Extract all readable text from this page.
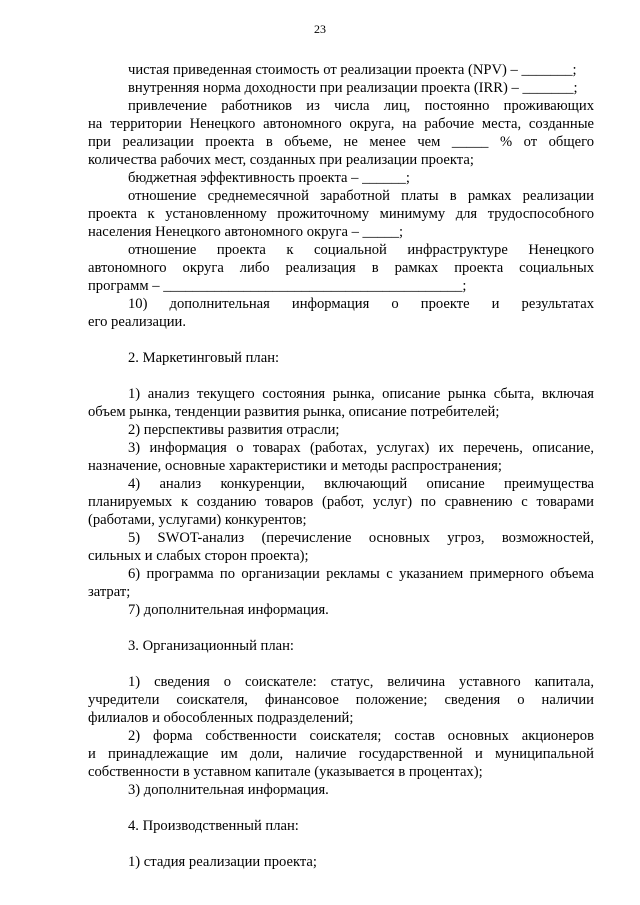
23
чистая приведенная стоимость от реализации проекта (NPV) – _______;
внутренняя норма доходности при реализации проекта (IRR) – _______;
привлечение работников из числа лиц, постоянно проживающих
на территории Ненецкого автономного округа, на рабочие места, созданные
при реализации проекта в объеме, не менее чем _____ % от общего
количества рабочих мест, созданных при реализации проекта;
бюджетная эффективность проекта – ______;
отношение среднемесячной заработной платы в рамках реализации
проекта к установленному прожиточному минимуму для трудоспособного
населения Ненецкого автономного округа – _____;
отношение проекта к социальной инфраструктуре Ненецкого
автономного округа либо реализация в рамках проекта социальных
программ – _________________________________________;
10) дополнительная информация о проекте и результатах
его реализации.
2. Маркетинговый план:
1) анализ текущего состояния рынка, описание рынка сбыта, включая
объем рынка, тенденции развития рынка, описание потребителей;
2) перспективы развития отрасли;
3) информация о товарах (работах, услугах) их перечень, описание,
назначение, основные характеристики и методы распространения;
4) анализ конкуренции, включающий описание преимущества
планируемых к созданию товаров (работ, услуг) по сравнению с товарами
(работами, услугами) конкурентов;
5) SWOT-анализ (перечисление основных угроз, возможностей,
сильных и слабых сторон проекта);
6) программа по организации рекламы с указанием примерного объема
затрат;
7) дополнительная информация.
3. Организационный план:
1) сведения о соискателе: статус, величина уставного капитала,
учредители соискателя, финансовое положение; сведения о наличии
филиалов и обособленных подразделений;
2) форма собственности соискателя; состав основных акционеров
и принадлежащие им доли, наличие государственной и муниципальной
собственности в уставном капитале (указывается в процентах);
3) дополнительная информация.
4. Производственный план:
1) стадия реализации проекта;
